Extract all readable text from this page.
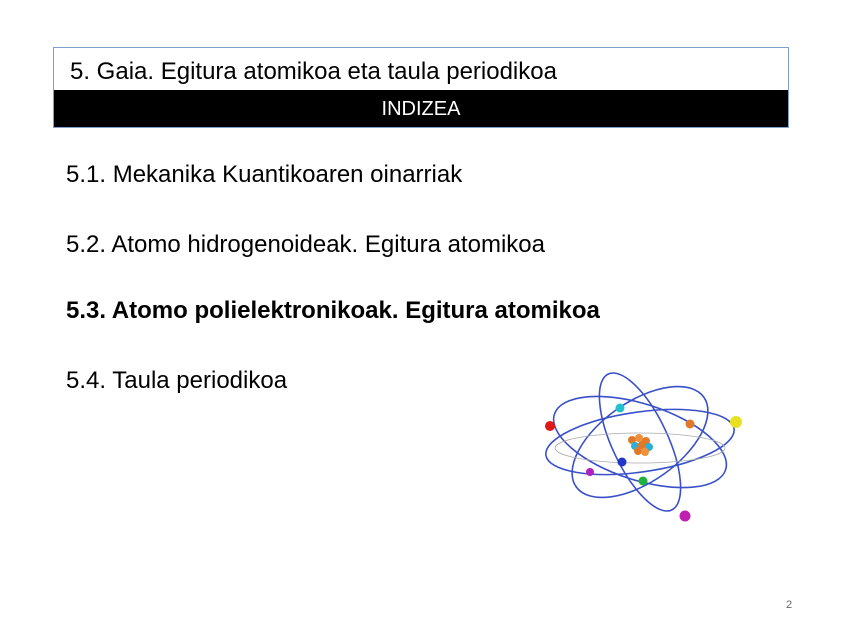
5. Gaia. Egitura atomikoa eta taula periodikoa
INDIZEA
5.1. Mekanika Kuantikoaren oinarriak
5.2. Atomo hidrogenoideak. Egitura atomikoa
5.3. Atomo polielektronikoak. Egitura atomikoa
5.4. Taula periodikoa
2
